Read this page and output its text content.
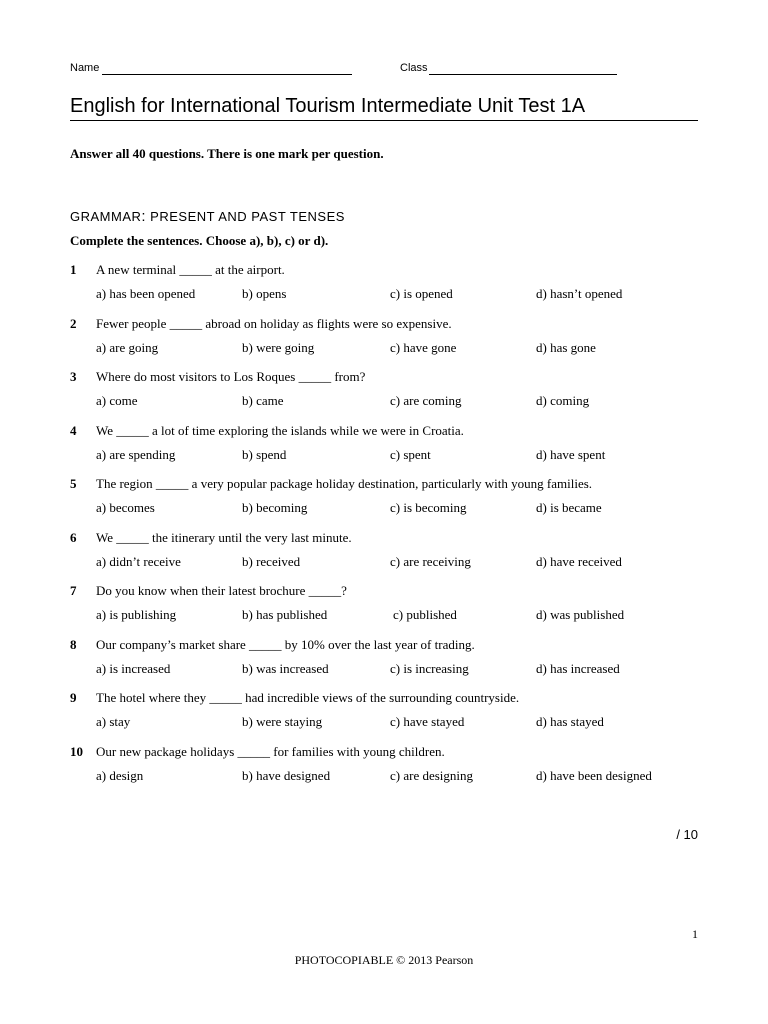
Name	Class
English for International Tourism Intermediate Unit Test 1A
Answer all 40 questions. There is one mark per question.
GRAMMAR: PRESENT AND PAST TENSES
Complete the sentences. Choose a), b), c) or d).
1 A new terminal _____ at the airport.
a) has been opened	b) opens	c) is opened	d) hasn’t opened
2 Fewer people _____ abroad on holiday as flights were so expensive.
a) are going	b) were going	c) have gone	d) has gone
3 Where do most visitors to Los Roques _____ from?
a) come	b) came	c) are coming	d) coming
4 We _____ a lot of time exploring the islands while we were in Croatia.
a) are spending	b) spend	c) spent	d) have spent
5 The region _____ a very popular package holiday destination, particularly with young families.
a) becomes	b) becoming	c) is becoming	d) is became
6 We _____ the itinerary until the very last minute.
a) didn’t receive	b) received	c) are receiving	d) have received
7 Do you know when their latest brochure _____?
a) is publishing	b) has published	c) published	d) was published
8 Our company’s market share _____ by 10% over the last year of trading.
a) is increased	b) was increased	c) is increasing	d) has increased
9 The hotel where they _____ had incredible views of the surrounding countryside.
a) stay	b) were staying	c) have stayed	d) has stayed
10 Our new package holidays _____ for families with young children.
a) design	b) have designed	c) are designing	d) have been designed
/ 10
1
PHOTOCOPIABLE © 2013 Pearson
